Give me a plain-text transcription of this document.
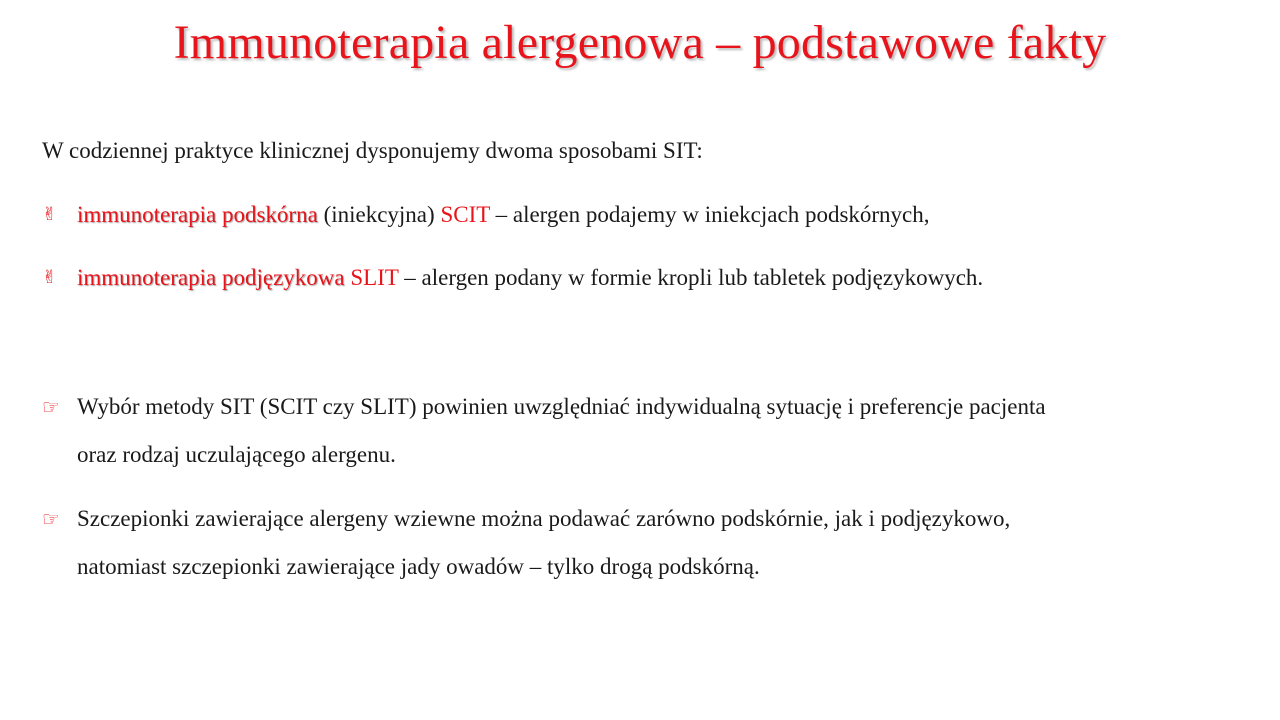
Immunoterapia alergenowa – podstawowe fakty
W codziennej praktyce klinicznej dysponujemy dwoma sposobami SIT:
✌ immunoterapia podskórna (iniekcyjna) SCIT – alergen podajemy w iniekcjach podskórnych,
✌ immunoterapia podjęzykowa SLIT – alergen podany w formie kropli lub tabletek podjęzykowych.
☞ Wybór metody SIT (SCIT czy SLIT) powinien uwzględniać indywidualną sytuację i preferencje pacjenta
oraz rodzaj uczulającego alergenu.
☞ Szczepionki zawierające alergeny wziewne można podawać zarówno podskórnie, jak i podjęzykowo,
natomiast szczepionki zawierające jady owadów – tylko drogą podskórną.
